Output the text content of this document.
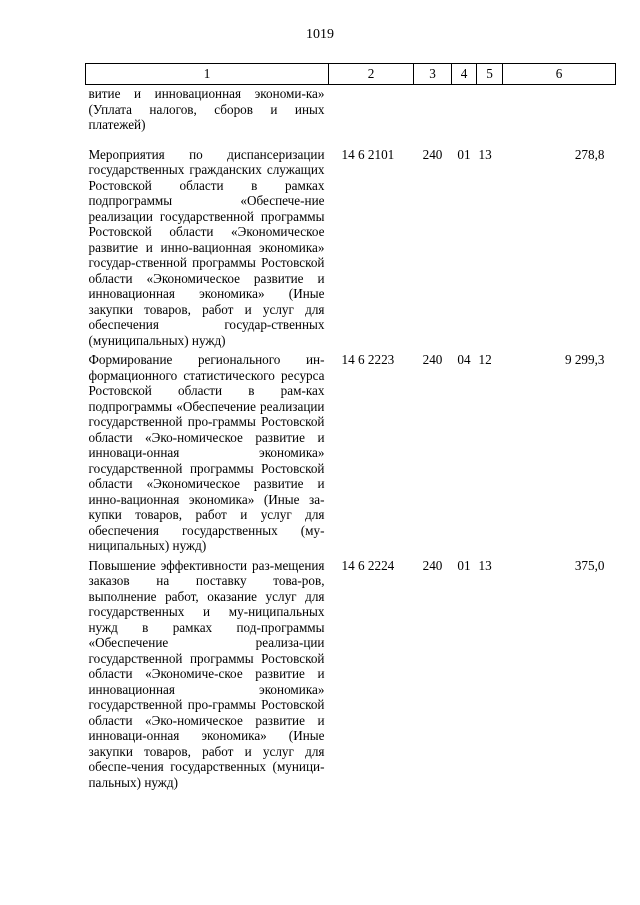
1019
1	2	3	4	5	6
витие и инновационная экономи-ка» (Уплата налогов, сборов и иных платежей)					
Мероприятия по диспансеризации государственных гражданских служащих Ростовской области в рамках подпрограммы «Обеспече-ние реализации государственной программы Ростовской области «Экономическое развитие и инно-вационная экономика» государ-ственной программы Ростовской области «Экономическое развитие и инновационная экономика» (Иные закупки товаров, работ и услуг для обеспечения государ-ственных (муниципальных) нужд)	14 6 2101	240	01	13	278,8
Формирование регионального ин-формационного статистического ресурса Ростовской области в рам-ках подпрограммы «Обеспечение реализации государственной про-граммы Ростовской области «Эко-номическое развитие и инноваци-онная экономика» государственной программы Ростовской области «Экономическое развитие и инно-вационная экономика» (Иные за-купки товаров, работ и услуг для обеспечения государственных (му-ниципальных) нужд)	14 6 2223	240	04	12	9 299,3
Повышение эффективности раз-мещения заказов на поставку това-ров, выполнение работ, оказание услуг для государственных и му-ниципальных нужд в рамках под-программы «Обеспечение реализа-ции государственной программы Ростовской области «Экономиче-ское развитие и инновационная экономика» государственной про-граммы Ростовской области «Эко-номическое развитие и инноваци-онная экономика» (Иные закупки товаров, работ и услуг для обеспе-чения государственных (муници-пальных) нужд)	14 6 2224	240	01	13	375,0
